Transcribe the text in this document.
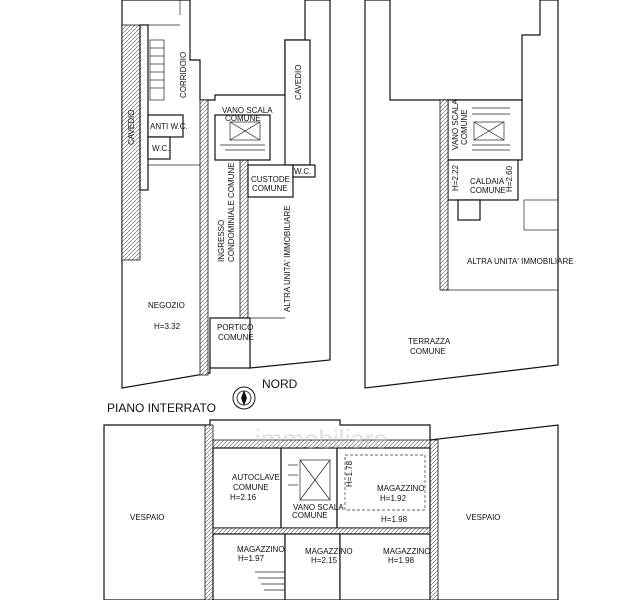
CORRIDOIO
CAVEDIO
CAVEDIO
ANTI W.C.
W.C.
VANO SCALA
COMUNE
W.C.
CUSTODE
COMUNE
INGRESSO CONDOMINIALE COMUNE	ALTRA UNITA' IMMOBILIARE
NEGOZIO
H=3.32	PORTICO
COMUNE
VANO SCALA COMUNE
H=2.22	H=2.60
CALDAIA
COMUNE
ALTRA UNITA' IMMOBILIARE
TERRAZZA
COMUNE
NORD
PIANO INTERRATO
immobiliare
VESPAIO	VESPAIO
AUTOCLAVE
COMUNE
H=2.16
H=1.78
MAGAZZINO
H=1.92
H=1.98
VANO SCALA
COMUNE
MAGAZZINO
H=1.97
MAGAZZINO
H=2.15
MAGAZZINO
H=1.98
